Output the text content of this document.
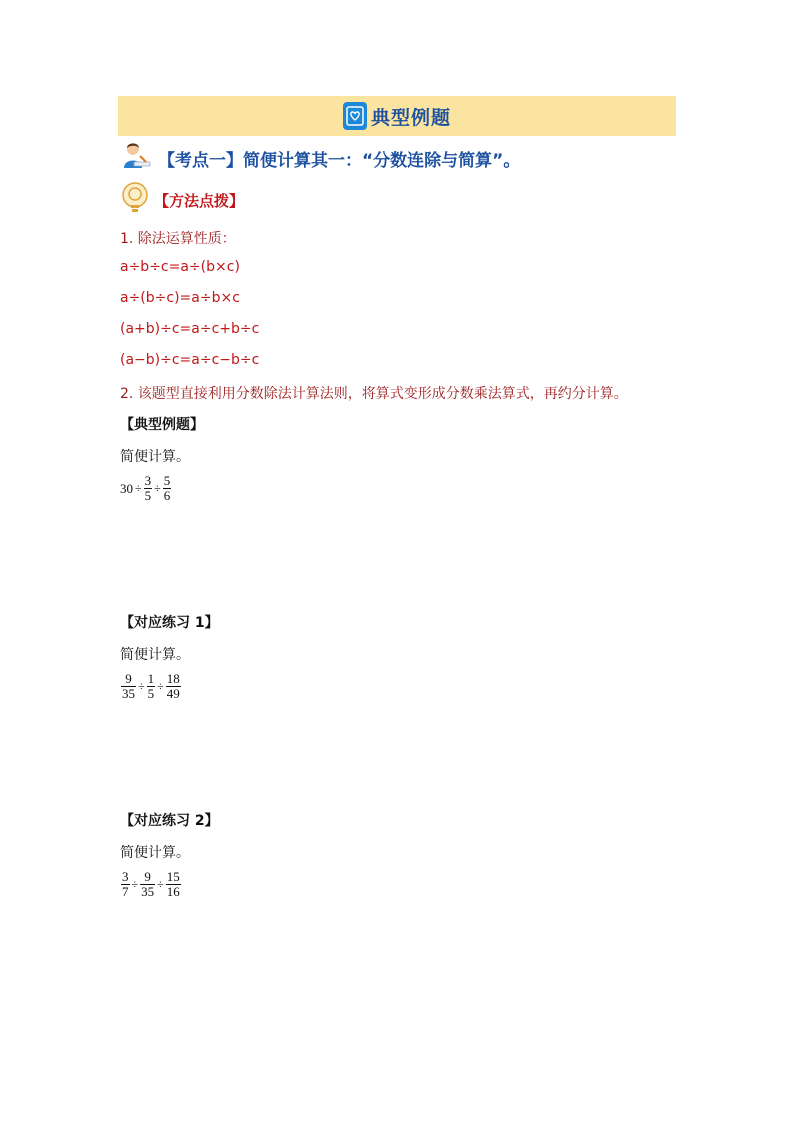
典型例题
【考点一】简便计算其一：“分数连除与简算”。
【方法点拨】
1. 除法运算性质：
a÷b÷c=a÷(b×c)
a÷(b÷c)=a÷b×c
(a+b)÷c=a÷c+b÷c
(a−b)÷c=a÷c−b÷c
2. 该题型直接利用分数除法计算法则，将算式变形成分数乘法算式，再约分计算。
【典型例题】
简便计算。
$30 \div \frac{3}{5} \div \frac{5}{6}$
【对应练习 1】
简便计算。
$\frac{9}{35} \div \frac{1}{5} \div \frac{18}{49}$
【对应练习 2】
简便计算。
$\frac{3}{7} \div \frac{9}{35} \div \frac{15}{16}$
